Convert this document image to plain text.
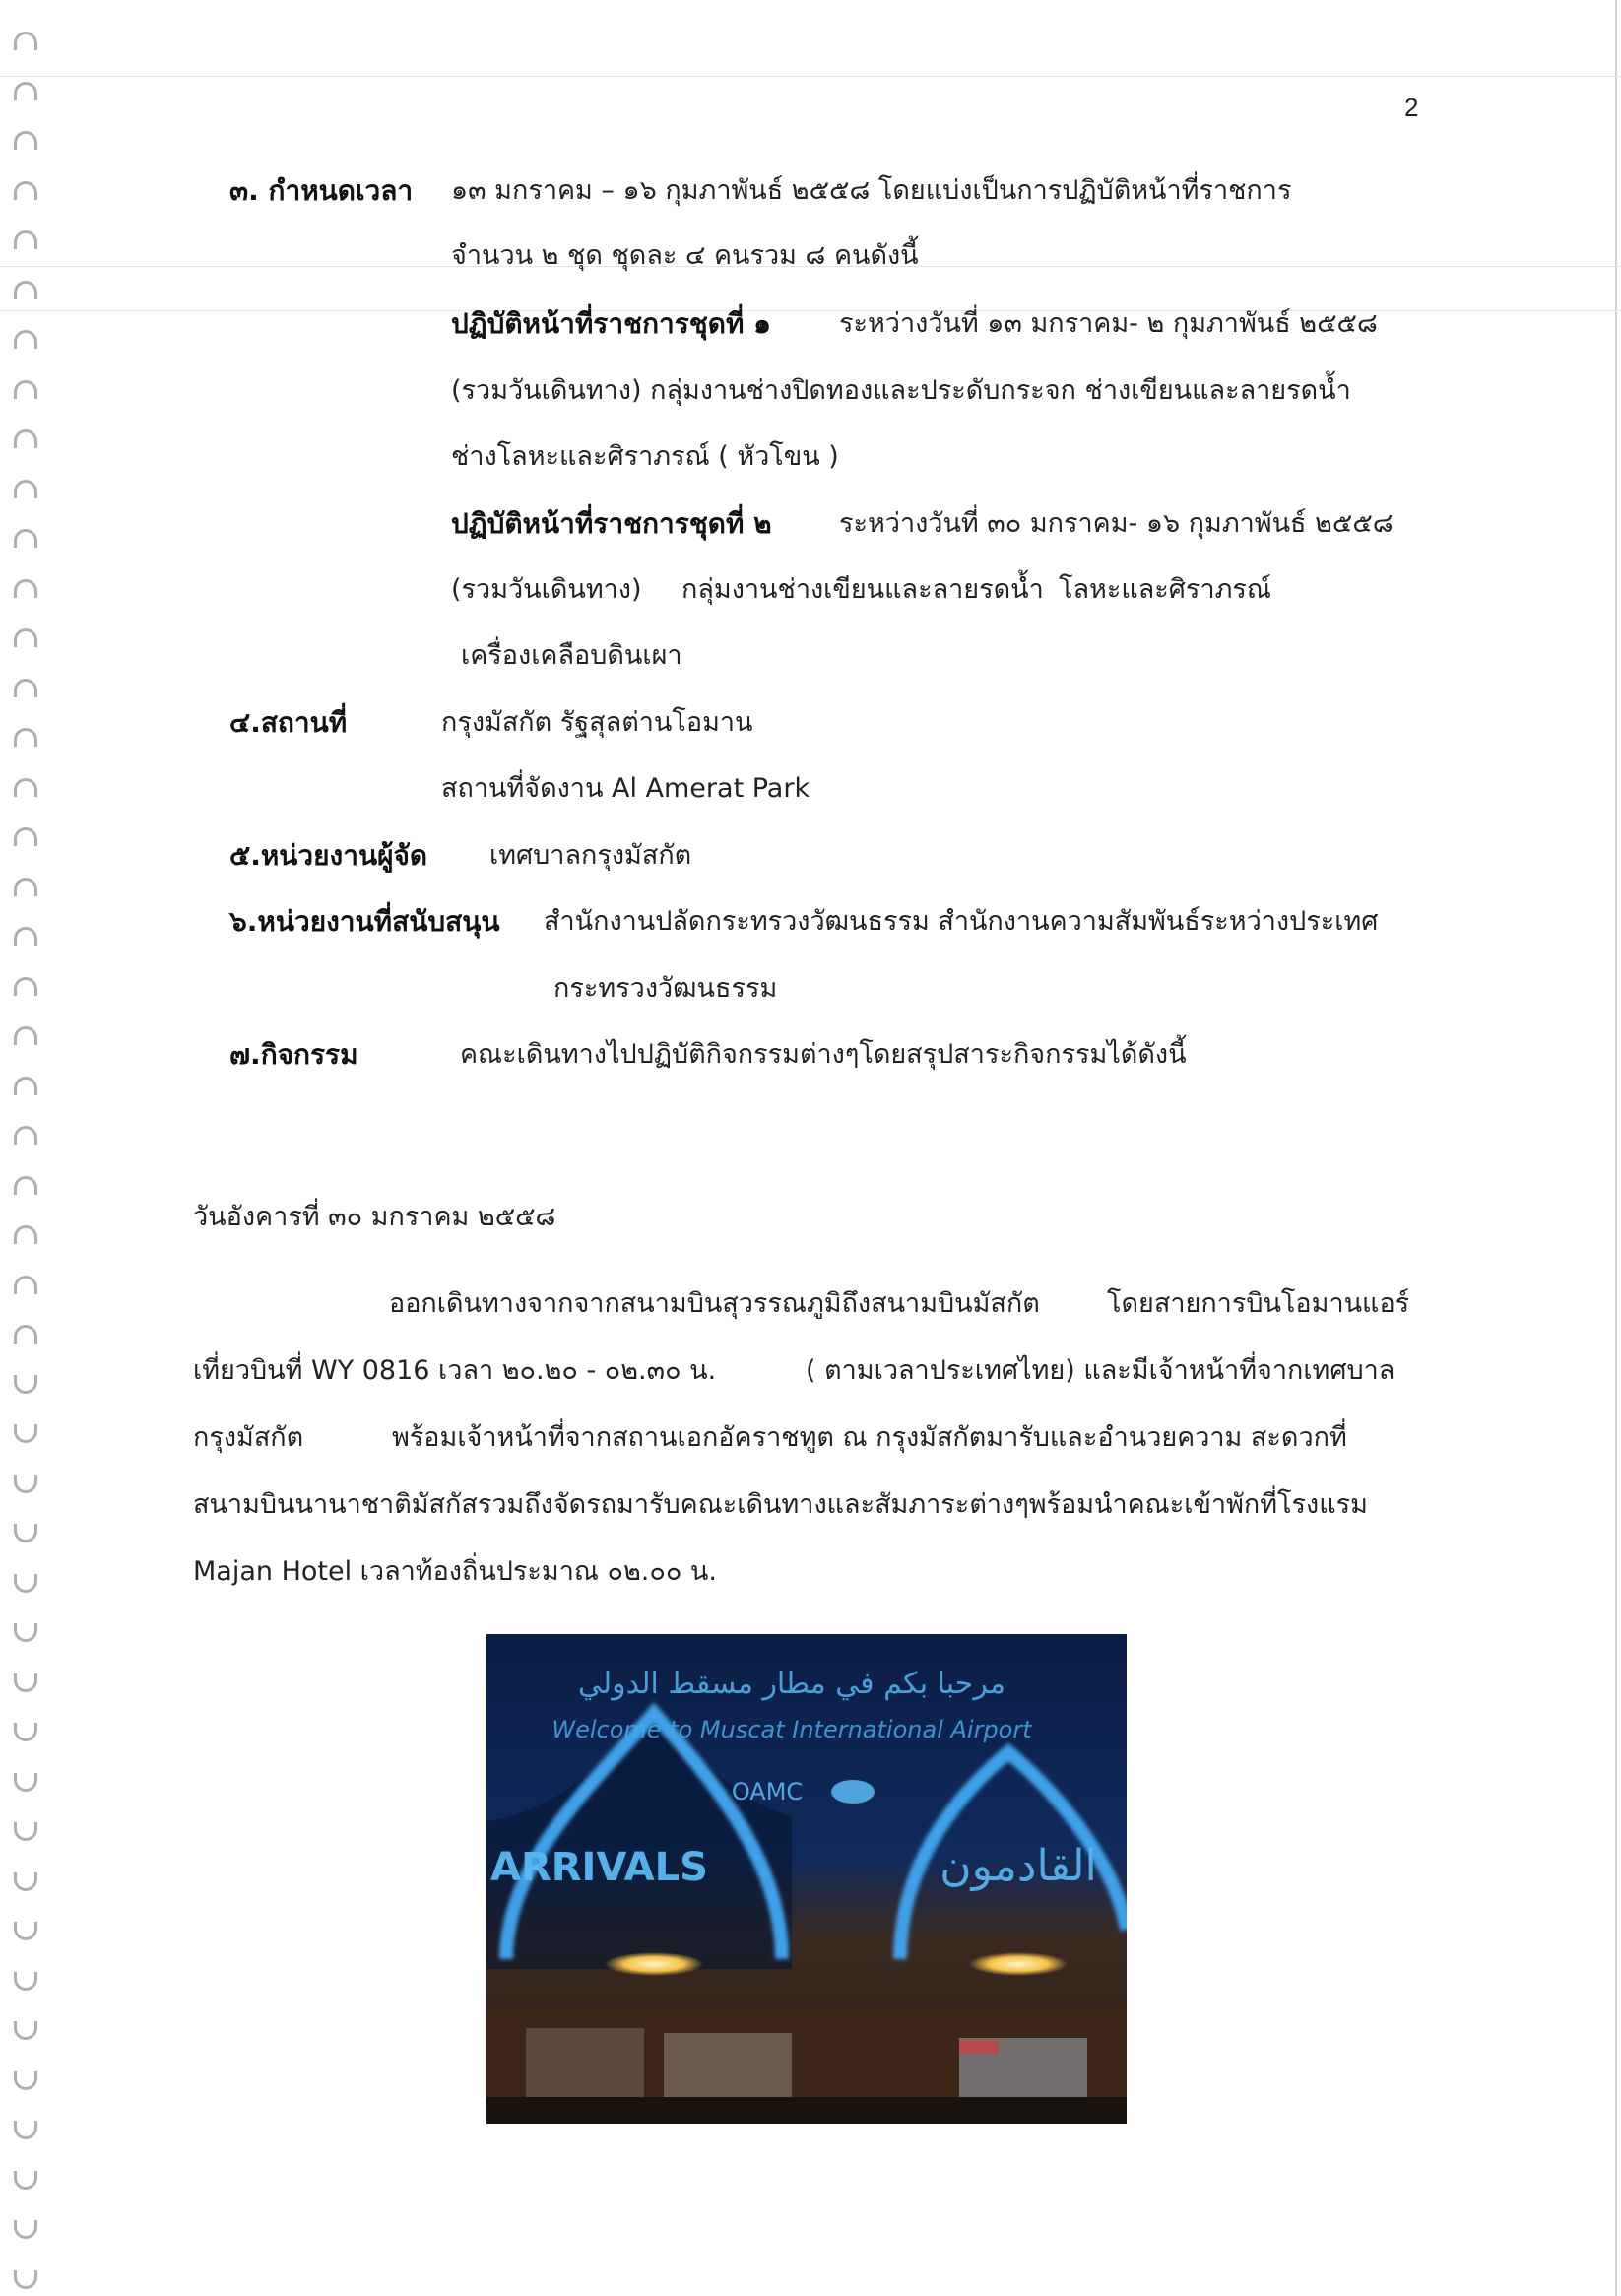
2
๓. กำหนดเวลา ๑๓ มกราคม – ๑๖ กุมภาพันธ์ ๒๕๕๘ โดยแบ่งเป็นการปฏิบัติหน้าที่ราชการ
จำนวน ๒ ชุด ชุดละ ๔ คนรวม ๘ คนดังนี้
ปฏิบัติหน้าที่ราชการชุดที่ ๑	ระหว่างวันที่ ๑๓ มกราคม- ๒ กุมภาพันธ์ ๒๕๕๘
(รวมวันเดินทาง) กลุ่มงานช่างปิดทองและประดับกระจก ช่างเขียนและลายรดน้ำ
ช่างโลหะและศิราภรณ์ ( หัวโขน )
ปฏิบัติหน้าที่ราชการชุดที่ ๒	ระหว่างวันที่ ๓๐ มกราคม- ๑๖ กุมภาพันธ์ ๒๕๕๘
(รวมวันเดินทาง) กลุ่มงานช่างเขียนและลายรดน้ำ โลหะและศิราภรณ์
เครื่องเคลือบดินเผา
๔.สถานที่	กรุงมัสกัต รัฐสุลต่านโอมาน
สถานที่จัดงาน Al Amerat Park
๕.หน่วยงานผู้จัด เทศบาลกรุงมัสกัต
๖.หน่วยงานที่สนับสนุน สำนักงานปลัดกระทรวงวัฒนธรรม สำนักงานความสัมพันธ์ระหว่างประเทศ
กระทรวงวัฒนธรรม
๗.กิจกรรม	คณะเดินทางไปปฏิบัติกิจกรรมต่างๆโดยสรุปสาระกิจกรรมได้ดังนี้
วันอังคารที่ ๓๐ มกราคม ๒๕๕๘
ออกเดินทางจากจากสนามบินสุวรรณภูมิถึงสนามบินมัสกัต	โดยสายการบินโอมานแอร์
เที่ยวบินที่ WY 0816 เวลา ๒๐.๒๐ - ๐๒.๓๐ น.	( ตามเวลาประเทศไทย) และมีเจ้าหน้าที่จากเทศบาล
กรุงมัสกัต	พร้อมเจ้าหน้าที่จากสถานเอกอัคราชทูต ณ กรุงมัสกัตมารับและอำนวยความ สะดวกที่
สนามบินนานาชาติมัสกัสรวมถึงจัดรถมารับคณะเดินทางและสัมภาระต่างๆพร้อมนำคณะเข้าพักที่โรงแรม
Majan Hotel เวลาท้องถิ่นประมาณ ๐๒.๐๐ น.
مرحبا بكم في مطار مسقط الدولي
Welcome to Muscat International Airport
OAMC
ARRIVALS	القادمون
